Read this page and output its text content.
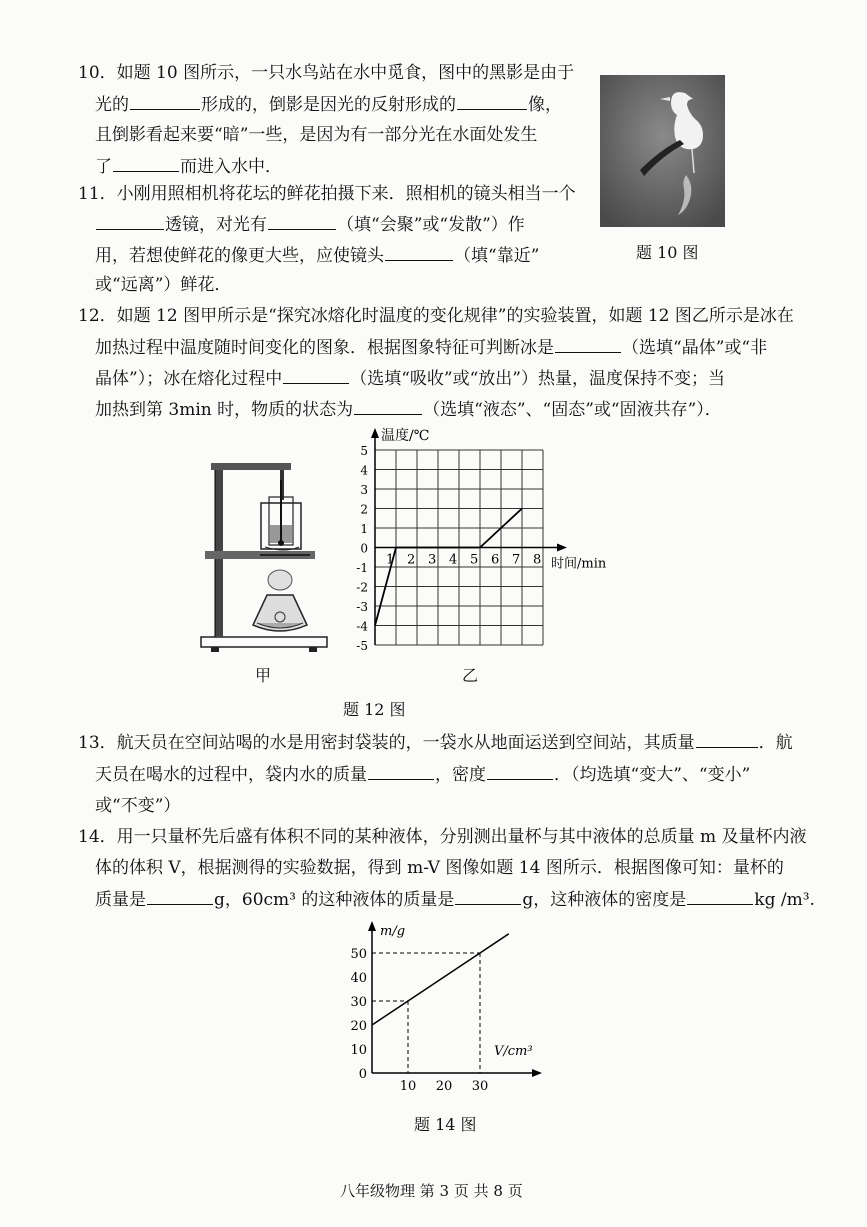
10．如题 10 图所示，一只水鸟站在水中觅食，图中的黑影是由于
光的	形成的，倒影是因光的反射形成的	像，
且倒影看起来要“暗”一些，是因为有一部分光在水面处发生
了	而进入水中．
题 10 图
11．小刚用照相机将花坛的鲜花拍摄下来．照相机的镜头相当一个
透镜，对光有	（填“会聚”或“发散”）作
用，若想使鲜花的像更大些，应使镜头	（填“靠近”
或“远离”）鲜花．
12．如题 12 图甲所示是“探究冰熔化时温度的变化规律”的实验装置，如题 12 图乙所示是冰在
加热过程中温度随时间变化的图象．根据图象特征可判断冰是	（选填“晶体”或“非
晶体”）；冰在熔化过程中	（选填“吸收”或“放出”）热量，温度保持不变；当
加热到第 3min 时，物质的状态为	（选填“液态”、“固态”或“固液共存”）．
甲
5
4
3
2
1
0
-1
-2
-3
-4
-5
1 2 3 4 5 6 7 8
温度/℃
时间/min
乙
题 12 图
13．航天员在空间站喝的水是用密封袋装的，一袋水从地面运送到空间站，其质量	．航
天员在喝水的过程中，袋内水的质量	，密度	．（均选填“变大”、“变小”
或“不变”）
14．用一只量杯先后盛有体积不同的某种液体，分别测出量杯与其中液体的总质量 m 及量杯内液
体的体积 V，根据测得的实验数据，得到 m-V 图像如题 14 图所示．根据图像可知：量杯的
质量是	g，60cm³ 的这种液体的质量是	g，这种液体的密度是	kg /m³.
0
10
20
30
40
50
10 20 30
m/g
V/cm³
题 14 图
八年级物理 第 3 页 共 8 页
